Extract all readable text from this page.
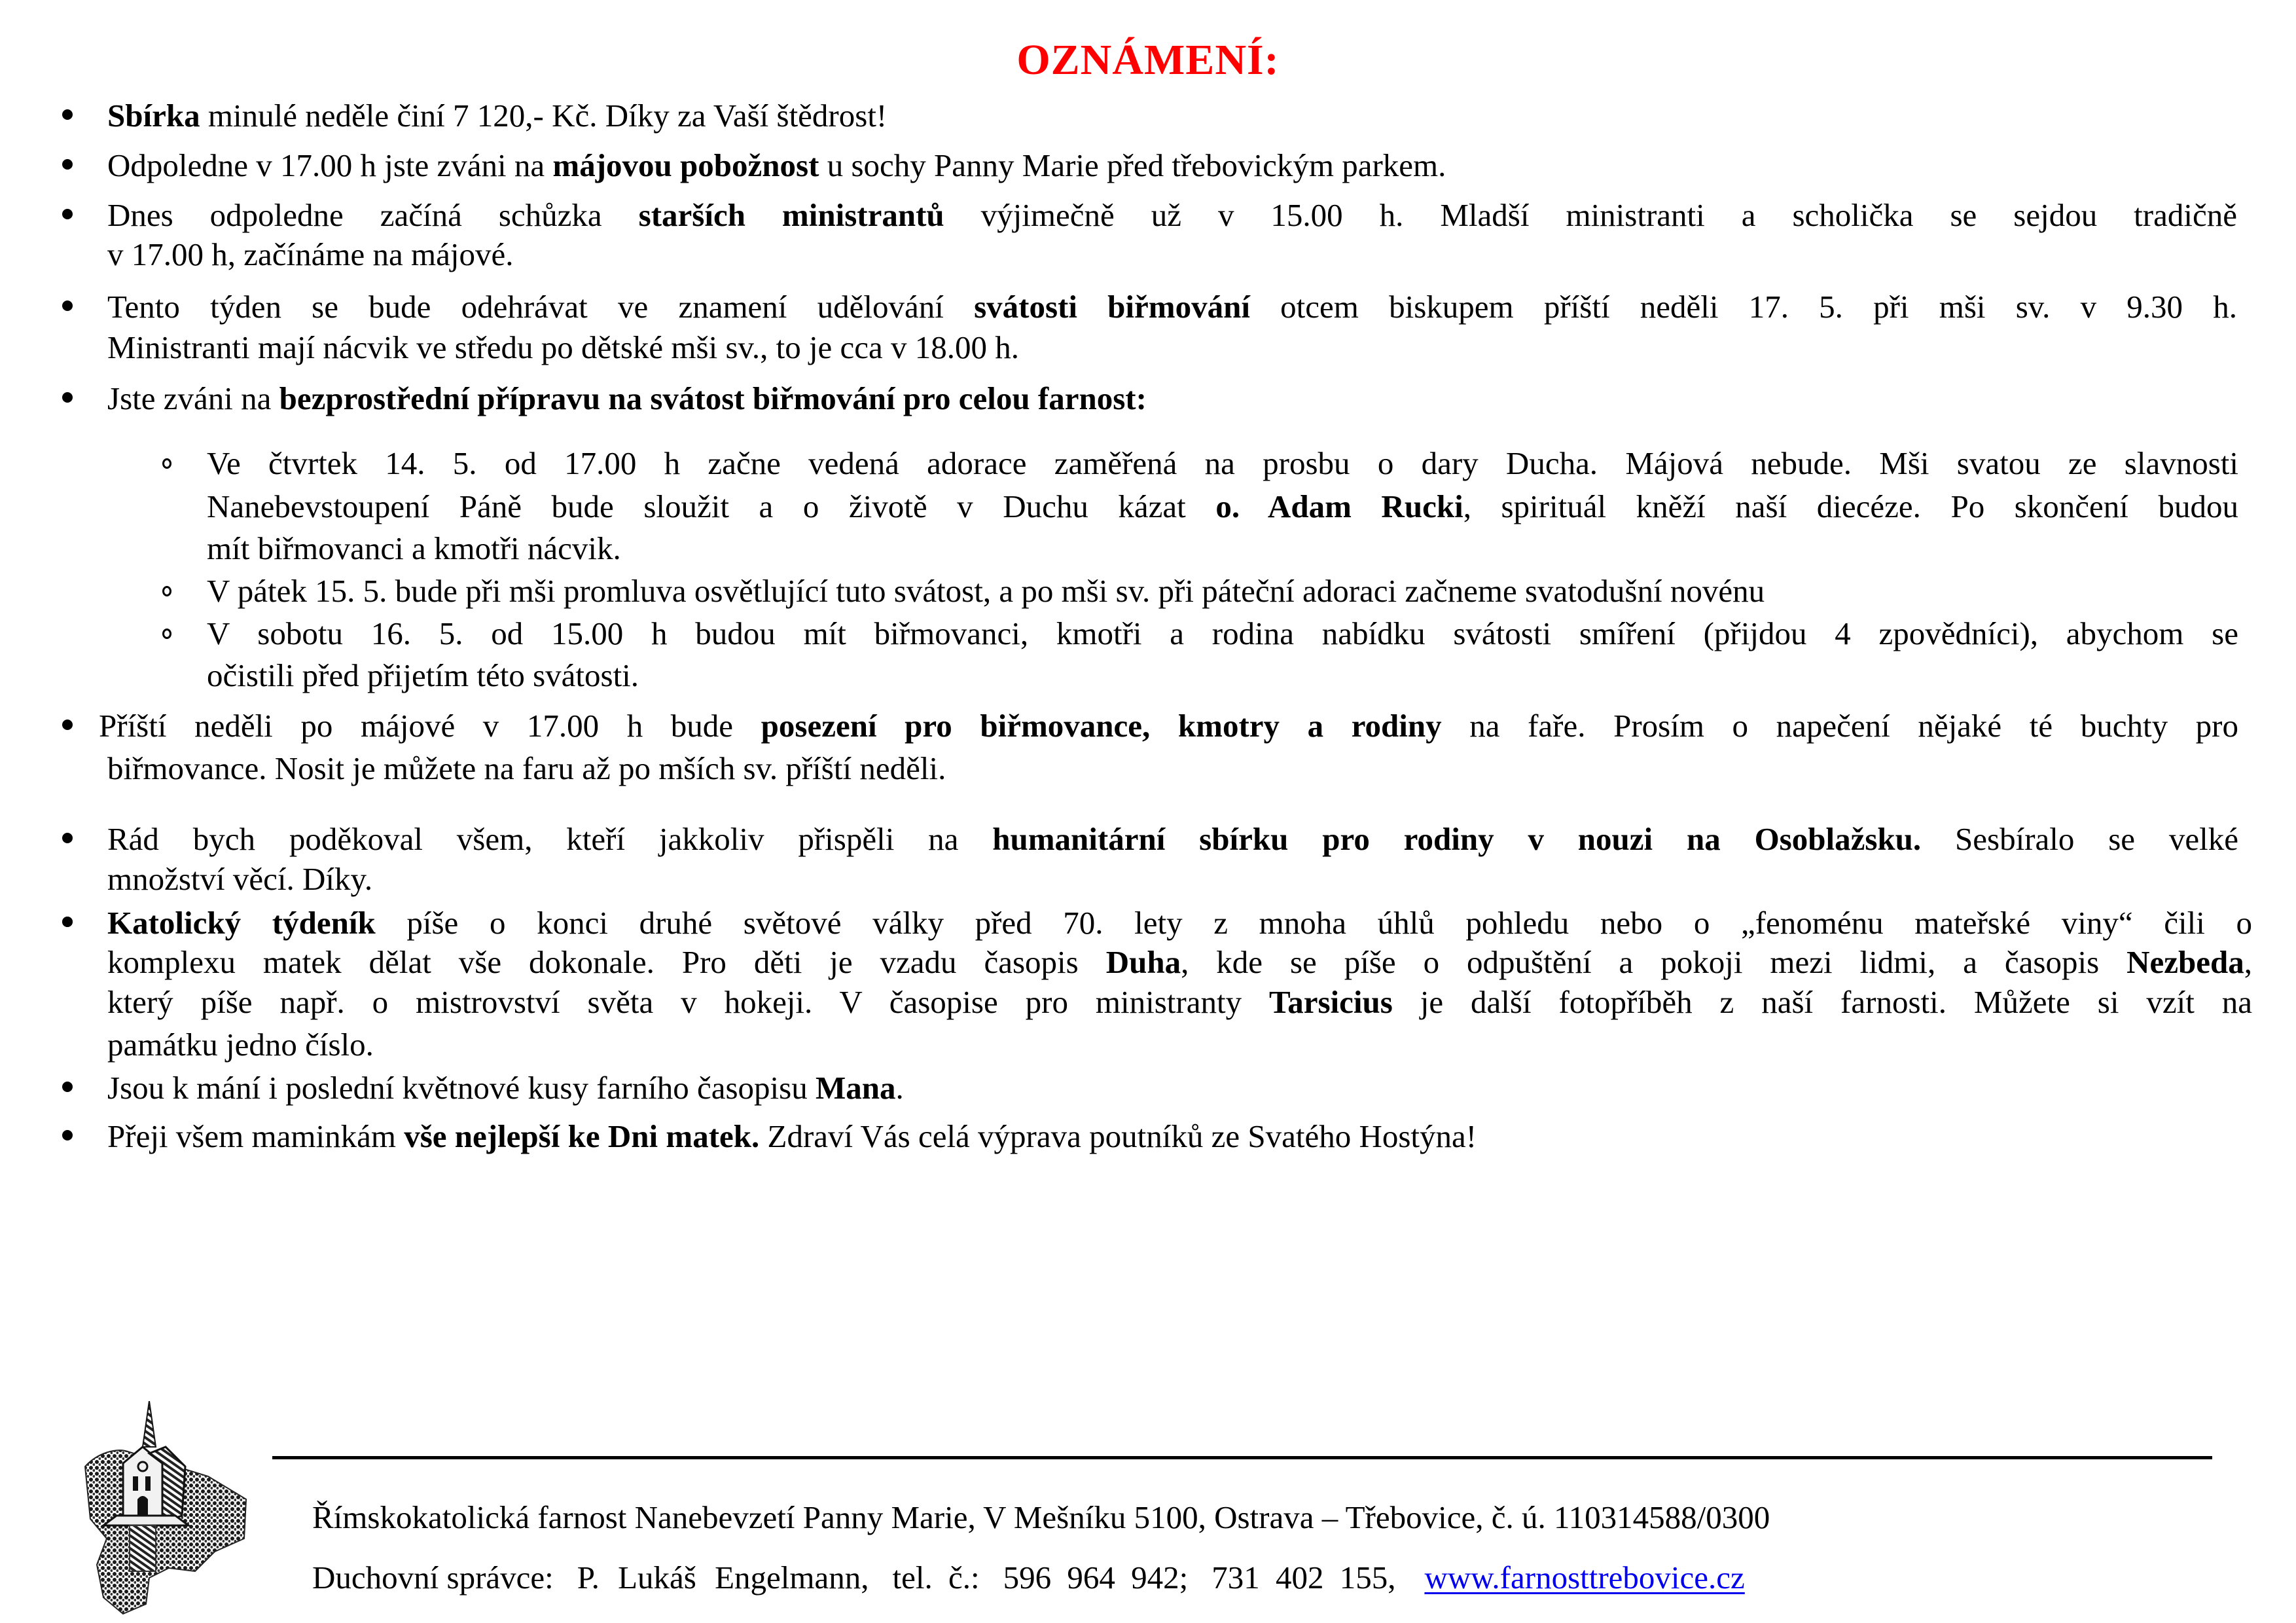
OZNÁMENÍ:
Sbírka minulé neděle činí 7 120,- Kč. Díky za Vaší štědrost!
Odpoledne v 17.00 h jste zváni na májovou pobožnost u sochy Panny Marie před třebovickým parkem.
Dnes odpoledne začíná schůzka starších ministrantů výjimečně už v 15.00 h. Mladší ministranti a scholička se sejdou tradičně
v 17.00 h, začínáme na májové.
Tento týden se bude odehrávat ve znamení udělování svátosti biřmování otcem biskupem příští neděli 17. 5. při mši sv. v 9.30 h.
Ministranti mají nácvik ve středu po dětské mši sv., to je cca v 18.00 h.
Jste zváni na bezprostřední přípravu na svátost biřmování pro celou farnost:
Ve čtvrtek 14. 5. od 17.00 h začne vedená adorace zaměřená na prosbu o dary Ducha. Májová nebude. Mši svatou ze slavnosti
Nanebevstoupení Páně bude sloužit a o životě v Duchu kázat o. Adam Rucki, spirituál kněží naší diecéze. Po skončení budou
mít biřmovanci a kmotři nácvik.
V pátek 15. 5. bude při mši promluva osvětlující tuto svátost, a po mši sv. při páteční adoraci začneme svatodušní novénu
V sobotu 16. 5. od 15.00 h budou mít biřmovanci, kmotři a rodina nabídku svátosti smíření (přijdou 4 zpovědníci), abychom se
očistili před přijetím této svátosti.
Příští neděli po májové v 17.00 h bude posezení pro biřmovance, kmotry a rodiny na faře. Prosím o napečení nějaké té buchty pro
biřmovance. Nosit je můžete na faru až po mších sv. příští neděli.
Rád bych poděkoval všem, kteří jakkoliv přispěli na humanitární sbírku pro rodiny v nouzi na Osoblažsku. Sesbíralo se velké
množství věcí. Díky.
Katolický týdeník píše o konci druhé světové války před 70. lety z mnoha úhlů pohledu nebo o „fenoménu mateřské viny“ čili o
komplexu matek dělat vše dokonale. Pro děti je vzadu časopis Duha, kde se píše o odpuštění a pokoji mezi lidmi, a časopis Nezbeda,
který píše např. o mistrovství světa v hokeji. V časopise pro ministranty Tarsicius je další fotopříběh z naší farnosti. Můžete si vzít na
památku jedno číslo.
Jsou k mání i poslední květnové kusy farního časopisu Mana.
Přeji všem maminkám vše nejlepší ke Dni matek. Zdraví Vás celá výprava poutníků ze Svatého Hostýna!
Římskokatolická farnost Nanebevzetí Panny Marie, V Mešníku 5100, Ostrava – Třebovice, č. ú. 110314588/0300
Duchovní správce: P. Lukáš Engelmann, tel. č.: 596 964 942; 731 402 155, www.farnosttrebovice.cz
